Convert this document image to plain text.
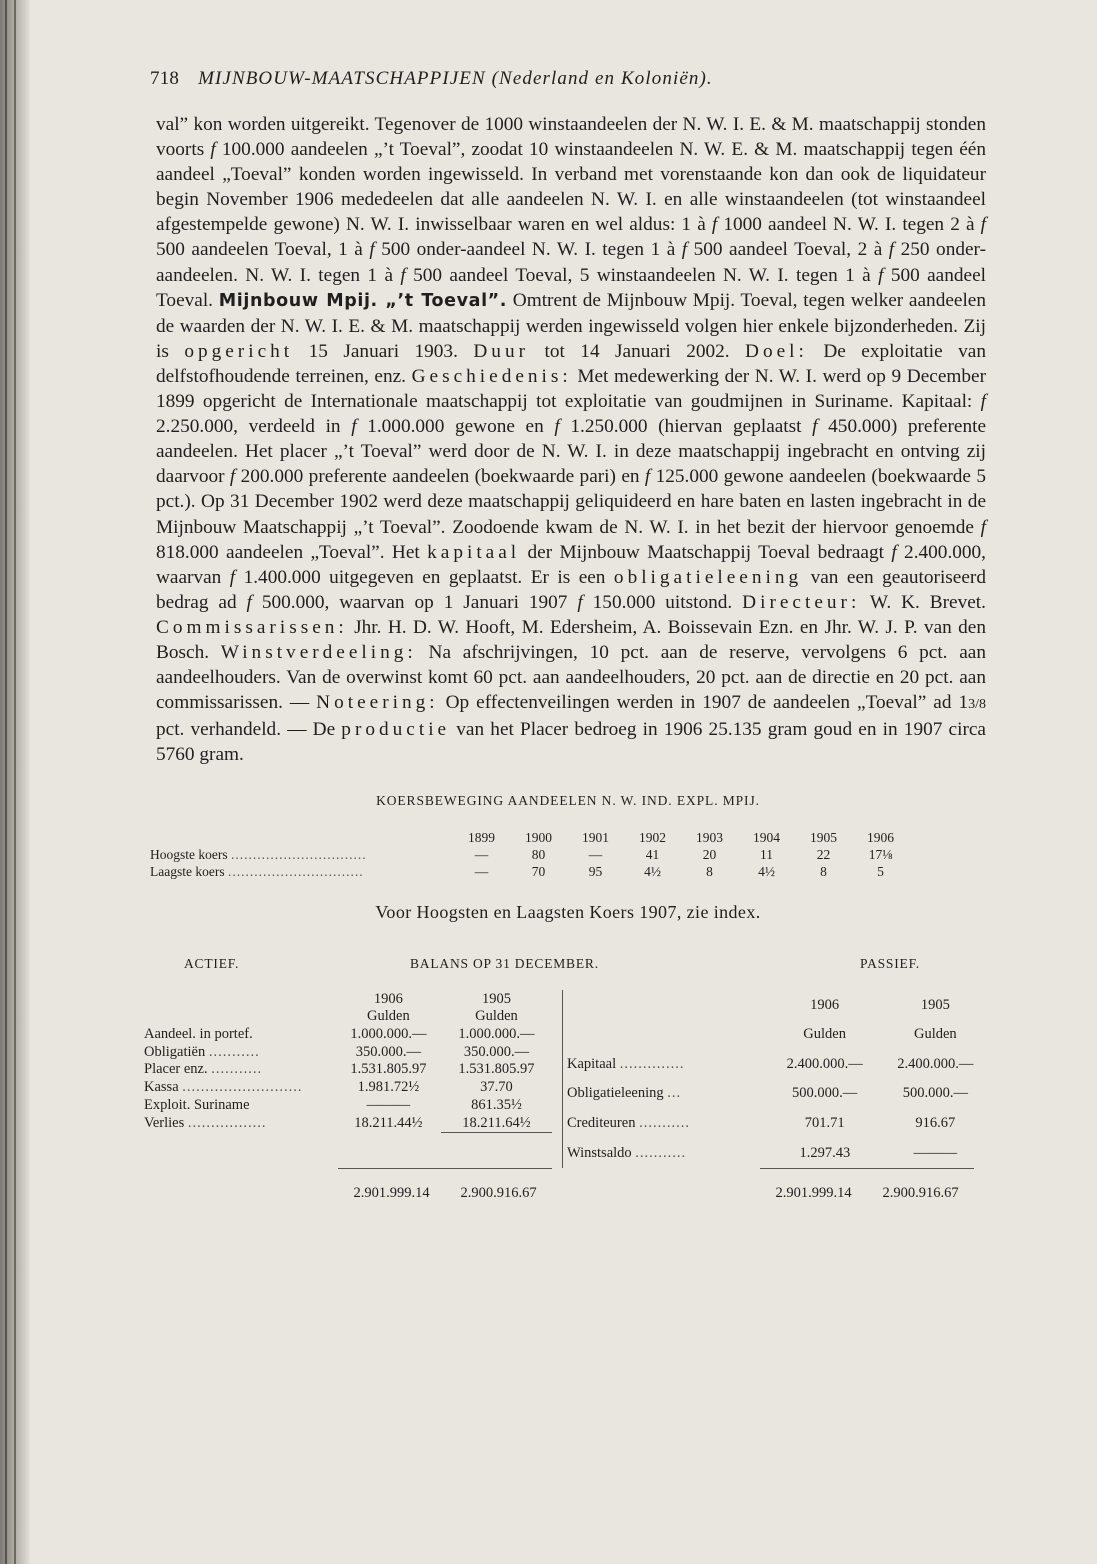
718 MIJNBOUW-MAATSCHAPPIJEN (Nederland en Koloniën).

val” kon worden uitgereikt. Tegenover de 1000 winstaandeelen der N. W. I. E. & M. maatschappij stonden voorts f 100.000 aandeelen „’t Toeval”, zoodat 10 winstaandeelen N. W. E. & M. maatschappij tegen één aandeel „Toeval” konden worden ingewisseld. In verband met vorenstaande kon dan ook de liquidateur begin November 1906 mededeelen dat alle aandeelen N. W. I. en alle winstaandeelen (tot winstaandeel afgestempelde gewone) N. W. I. inwisselbaar waren en wel aldus: 1 à f 1000 aandeel N. W. I. tegen 2 à f 500 aandeelen Toeval, 1 à f 500 onder-aandeel N. W. I. tegen 1 à f 500 aandeel Toeval, 2 à f 250 onder-aandeelen. N. W. I. tegen 1 à f 500 aandeel Toeval, 5 winstaandeelen N. W. I. tegen 1 à f 500 aandeel Toeval. Mijnbouw Mpij. „’t Toeval”. Omtrent de Mijnbouw Mpij. Toeval, tegen welker aandeelen de waarden der N. W. I. E. & M. maatschappij werden ingewisseld volgen hier enkele bijzonderheden. Zij is opgericht 15 Januari 1903. Duur tot 14 Januari 2002. Doel: De exploitatie van delfstofhoudende terreinen, enz. Geschiedenis: Met medewerking der N. W. I. werd op 9 December 1899 opgericht de Internationale maatschappij tot exploitatie van goudmijnen in Suriname. Kapitaal: f 2.250.000, verdeeld in f 1.000.000 gewone en f 1.250.000 (hiervan geplaatst f 450.000) preferente aandeelen. Het placer „’t Toeval” werd door de N. W. I. in deze maatschappij ingebracht en ontving zij daarvoor f 200.000 preferente aandeelen (boekwaarde pari) en f 125.000 gewone aandeelen (boekwaarde 5 pct.). Op 31 December 1902 werd deze maatschappij geliquideerd en hare baten en lasten ingebracht in de Mijnbouw Maatschappij „’t Toeval”. Zoodoende kwam de N. W. I. in het bezit der hiervoor genoemde f 818.000 aandeelen „Toeval”. Het kapitaal der Mijnbouw Maatschappij Toeval bedraagt f 2.400.000, waarvan f 1.400.000 uitgegeven en geplaatst. Er is een obligatieleening van een geautoriseerd bedrag ad f 500.000, waarvan op 1 Januari 1907 f 150.000 uitstond. Directeur: W. K. Brevet. Commissarissen: Jhr. H. D. W. Hooft, M. Edersheim, A. Boissevain Ezn. en Jhr. W. J. P. van den Bosch. Winstverdeeling: Na afschrijvingen, 10 pct. aan de reserve, vervolgens 6 pct. aan aandeelhouders. Van de overwinst komt 60 pct. aan aandeelhouders, 20 pct. aan de directie en 20 pct. aan commissarissen. — Noteering: Op effectenveilingen werden in 1907 de aandeelen „Toeval” ad 13/8 pct. verhandeld. — De productie van het Placer bedroeg in 1906 25.135 gram goud en in 1907 circa 5760 gram.

KOERSBEWEGING AANDEELEN N. W. IND. EXPL. MPIJ.
	1899	1900	1901	1902	1903	1904	1905	1906
Hoogste koers ...............................	—	80	—	41	20	11	22	17⅛
Laagste koers ...............................	—	70	95	4½	8	4½	8	5
Voor Hoogsten en Laagsten Koers 1907, zie index.
ACTIEF.	BALANS OP 31 DECEMBER.	PASSIEF.
	1906	1905
	Gulden	Gulden
Aandeel. in portef.	1.000.000.—	1.000.000.—
Obligatiën ...........	350.000.—	350.000.—
Placer enz. ...........	1.531.805.97	1.531.805.97
Kassa ..........................	1.981.72½	37.70
Exploit. Suriname	———	861.35½
Verlies .................	18.211.44½	18.211.64½
	1906	1905
	Gulden	Gulden
Kapitaal ..............	2.400.000.—	2.400.000.—
Obligatieleening ...	500.000.—	500.000.—
Crediteuren ...........	701.71	916.67
Winstsaldo ...........	1.297.43	———
2.901.999.14	2.900.916.67	2.901.999.14	2.900.916.67
